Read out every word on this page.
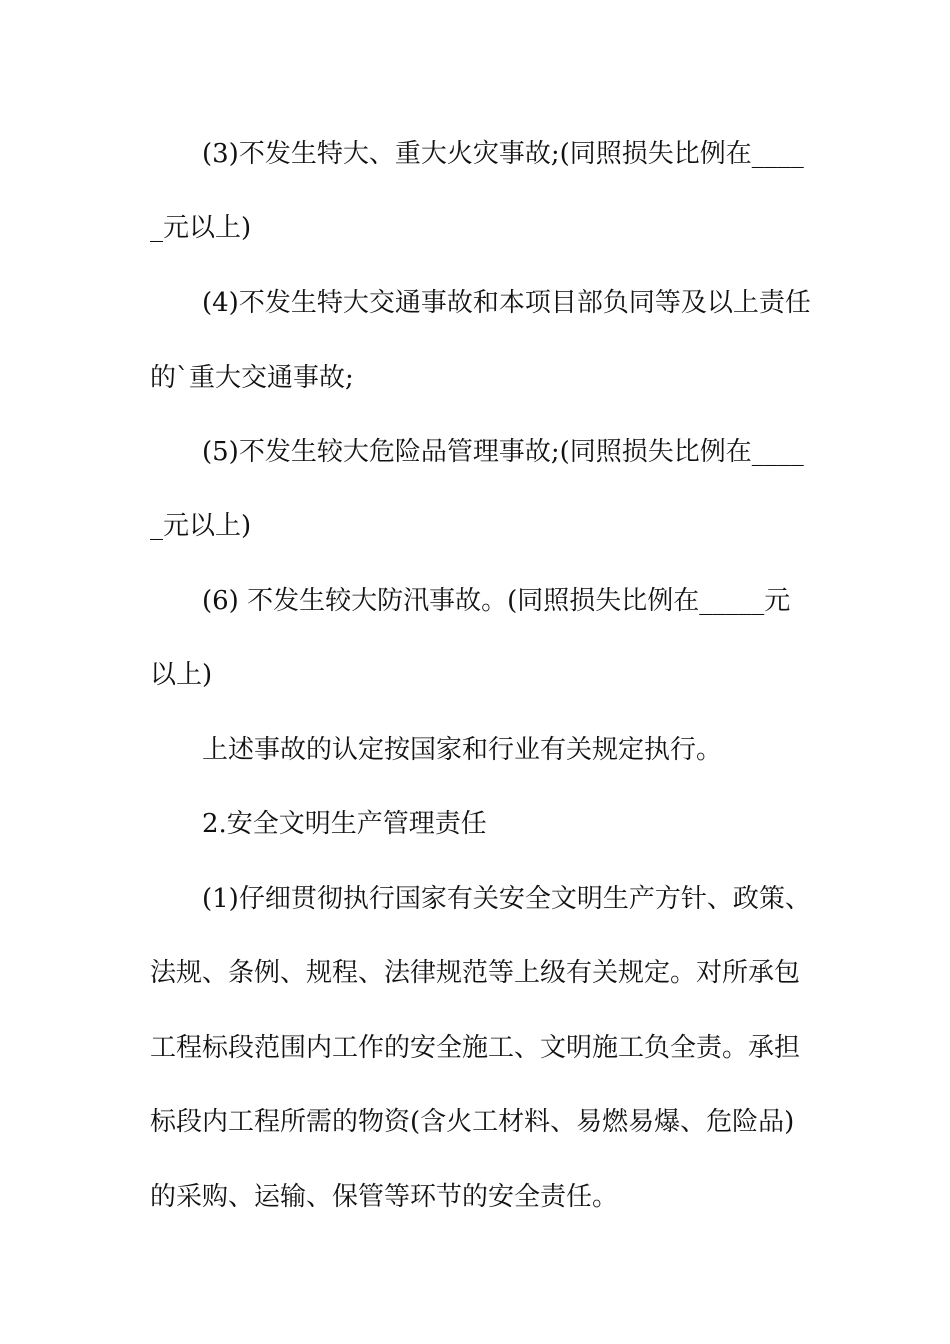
(3)不发生特大、重大火灾事故;(同照损失比例在____
_元以上)
(4)不发生特大交通事故和本项目部负同等及以上责任
的`重大交通事故;
(5)不发生较大危险品管理事故;(同照损失比例在____
_元以上)
(6) 不发生较大防汛事故。(同照损失比例在_____元
以上)
上述事故的认定按国家和行业有关规定执行。
2.安全文明生产管理责任
(1)仔细贯彻执行国家有关安全文明生产方针、政策、
法规、条例、规程、法律规范等上级有关规定。对所承包
工程标段范围内工作的安全施工、文明施工负全责。承担
标段内工程所需的物资(含火工材料、易燃易爆、危险品)
的采购、运输、保管等环节的安全责任。
